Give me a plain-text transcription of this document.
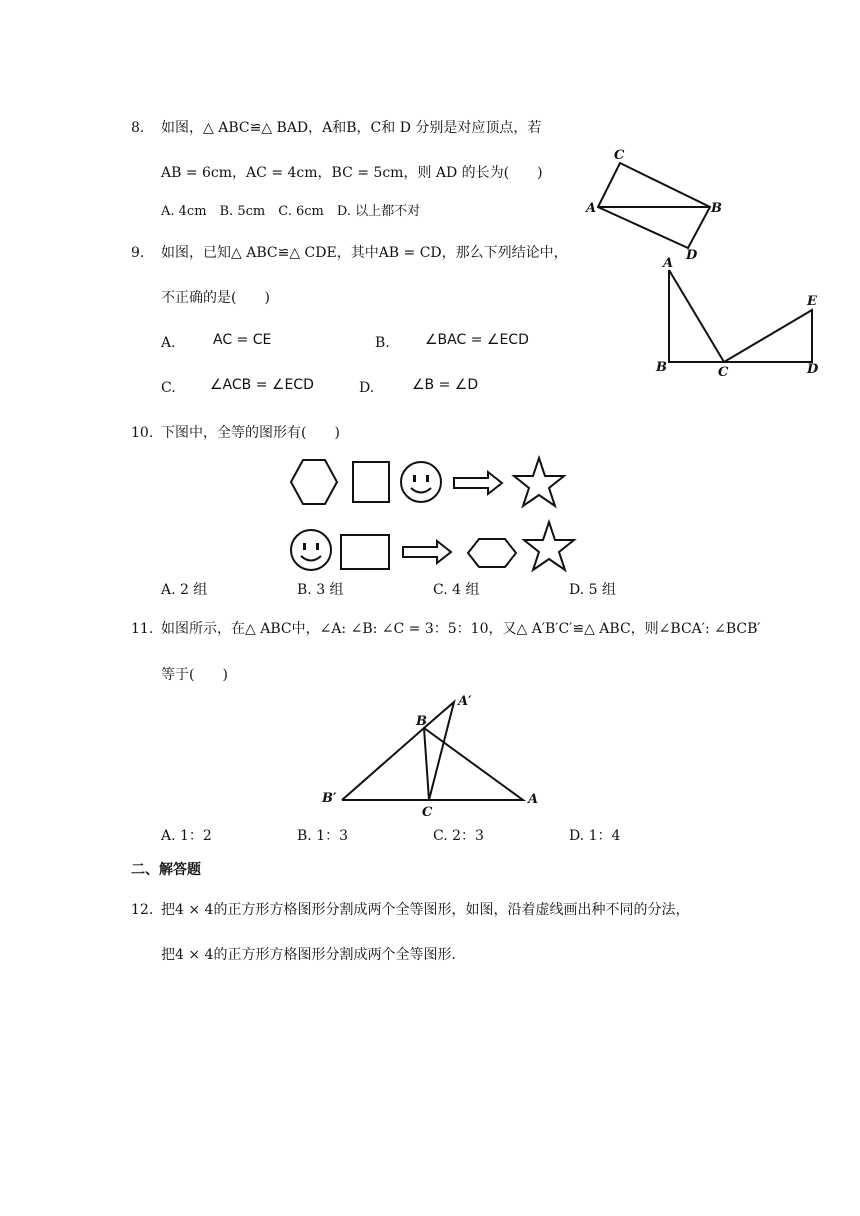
8. 如图，△ ABC≌△ BAD，A和B，C和 D 分别是对应顶点，若
AB = 6cm，AC = 4cm，BC = 5cm，则 AD 的长为(　　)
A. 4cm　B. 5cm　C. 6cm　D. 以上都不对
C
A	B
D
9. 如图，已知△ ABC≌△ CDE，其中AB = CD，那么下列结论中，
不正确的是(　　)
A.	AC = CE	B.	∠BAC = ∠ECD
C. ∠ACB = ∠ECD	D.	∠B = ∠D
A
B	C	D
E
10. 下图中，全等的图形有(　　)
A. 2 组	B. 3 组	C. 4 组	D. 5 组
11. 如图所示，在△ ABC中，∠A: ∠B: ∠C = 3：5：10，又△ A′B′C′≌△ ABC，则∠BCA′: ∠BCB′
等于(　　)
A′
B
B′
C
A
A. 1：2	B. 1：3	C. 2：3	D. 1：4
二、解答题
12. 把4 × 4的正方形方格图形分割成两个全等图形，如图，沿着虚线画出种不同的分法，
把4 × 4的正方形方格图形分割成两个全等图形．
